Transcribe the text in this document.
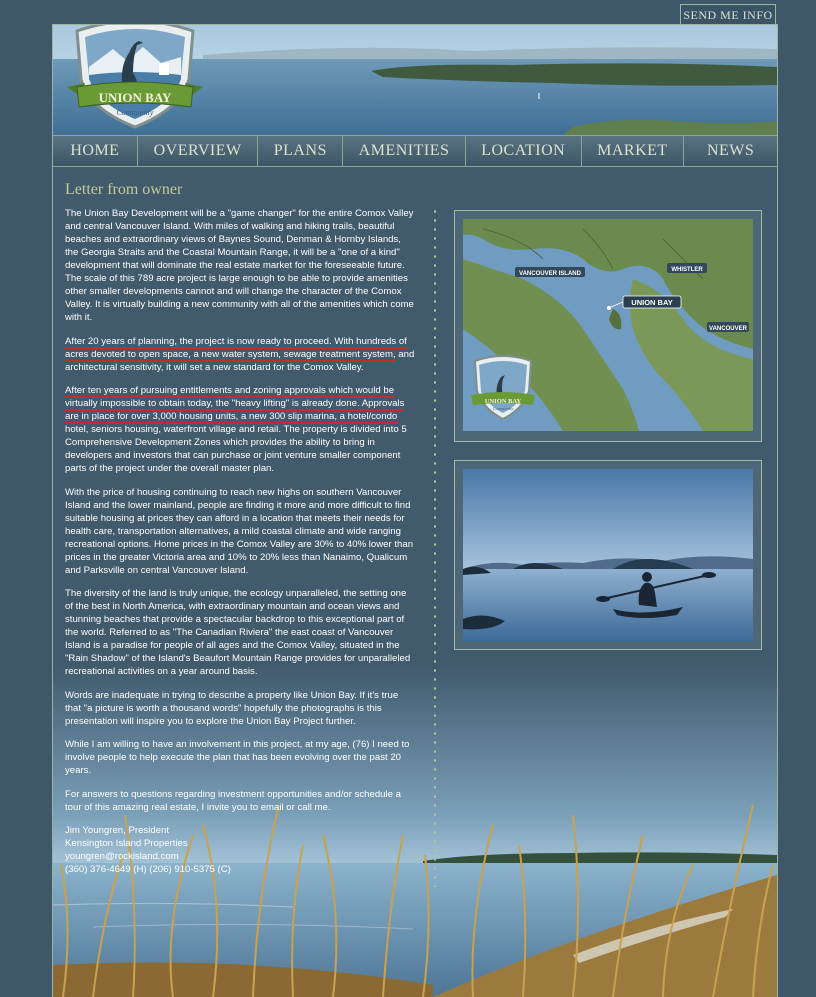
SEND ME INFO
UNION BAY
Community
HOME	OVERVIEW	PLANS	AMENITIES	LOCATION	MARKET	NEWS
Letter from owner

The Union Bay Development will be a "game changer" for the entire Comox Valley and central Vancouver Island. With miles of walking and hiking trails, beautiful beaches and extraordinary views of Baynes Sound, Denman & Hornby Islands, the Georgia Straits and the Coastal Mountain Range, it will be a "one of a kind" development that will dominate the real estate market for the foreseeable future. The scale of this 789 acre project is large enough to be able to provide amenities other smaller developments cannot and will change the character of the Comox Valley. It is virtually building a new community with all of the amenities which come with it.

After 20 years of planning, the project is now ready to proceed. With hundreds of acres devoted to open space, a new water system, sewage treatment system, and architectural sensitivity, it will set a new standard for the Comox Valley.

After ten years of pursuing entitlements and zoning approvals which would be virtually impossible to obtain today, the "heavy lifting" is already done. Approvals are in place for over 3,000 housing units, a new 300 slip marina, a hotel/condo hotel, seniors housing, waterfront village and retail. The property is divided into 5 Comprehensive Development Zones which provides the ability to bring in developers and investors that can purchase or joint venture smaller component parts of the project under the overall master plan.

With the price of housing continuing to reach new highs on southern Vancouver Island and the lower mainland, people are finding it more and more difficult to find suitable housing at prices they can afford in a location that meets their needs for health care, transportation alternatives, a mild coastal climate and wide ranging recreational options. Home prices in the Comox Valley are 30% to 40% lower than prices in the greater Victoria area and 10% to 20% less than Nanaimo, Qualicum and Parksville on central Vancouver Island.

The diversity of the land is truly unique, the ecology unparalleled, the setting one of the best in North America, with extraordinary mountain and ocean views and stunning beaches that provide a spectacular backdrop to this exceptional part of the world. Referred to as "The Canadian Riviera" the east coast of Vancouver Island is a paradise for people of all ages and the Comox Valley, situated in the "Rain Shadow" of the Island's Beaufort Mountain Range provides for unparalleled recreational activities on a year around basis.

Words are inadequate in trying to describe a property like Union Bay. If it's true that "a picture is worth a thousand words" hopefully the photographs is this presentation will inspire you to explore the Union Bay Project further.

While I am willing to have an involvement in this project, at my age, (76) I need to involve people to help execute the plan that has been evolving over the past 20 years.

For answers to questions regarding investment opportunities and/or schedule a tour of this amazing real estate, I invite you to email or call me.

Jim Youngren, President

Kensington Island Properties

youngren@rockisland.com

(360) 376-4649 (H) (206) 910-5375 (C)

VANCOUVER ISLAND
WHISTLER
UNION BAY
VANCOUVER
UNION BAY
Community
